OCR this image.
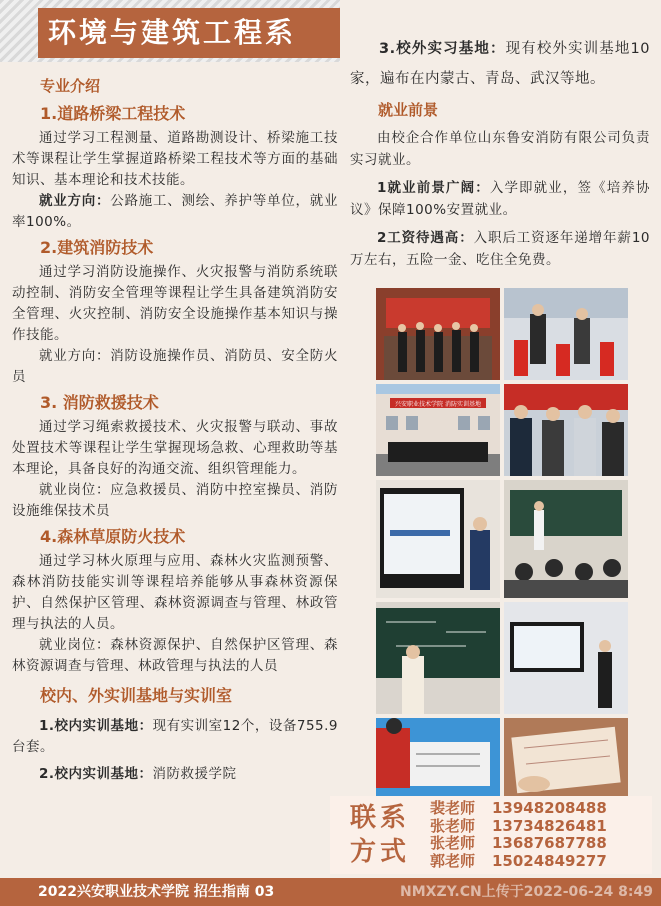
环境与建筑工程系
专业介绍
1.道路桥梁工程技术

通过学习工程测量、道路勘测设计、桥梁施工技术等课程让学生掌握道路桥梁工程技术等方面的基础知识、基本理论和技术技能。

就业方向：公路施工、测绘、养护等单位，就业率100%。

2.建筑消防技术

通过学习消防设施操作、火灾报警与消防系统联动控制、消防安全管理等课程让学生具备建筑消防安全管理、火灾控制、消防安全设施操作基本知识与操作技能。

就业方向：消防设施操作员、消防员、安全防火员

3. 消防救援技术

通过学习绳索救援技术、火灾报警与联动、事故处置技术等课程让学生掌握现场急救、心理救助等基本理论，具备良好的沟通交流、组织管理能力。

就业岗位：应急救援员、消防中控室操员、消防设施维保技术员

4.森林草原防火技术

通过学习林火原理与应用、森林火灾监测预警、森林消防技能实训等课程培养能够从事森林资源保护、自然保护区管理、森林资源调查与管理、林政管理与执法的人员。

就业岗位：森林资源保护、自然保护区管理、森林资源调查与管理、林政管理与执法的人员

校内、外实训基地与实训室

1.校内实训基地：现有实训室12个，设备755.9台套。

2.校内实训基地：消防救援学院

3.校外实习基地：现有校外实训基地10家，遍布在内蒙古、青岛、武汉等地。

就业前景

由校企合作单位山东鲁安消防有限公司负责实习就业。

1就业前景广阔：入学即就业，签《培养协议》保障100%安置就业。

2工资待遇高：入职后工资逐年递增年薪10万左右，五险一金、吃住全免费。

兴安职业技术学院 消防实训基地
联系
方式
裴老师 13948208488
张老师 13734826481
张老师 13687687788
郭老师 15024849277
2022兴安职业技术学院 招生指南 03	NMXZY.CN上传于2022-06-24 8:49
